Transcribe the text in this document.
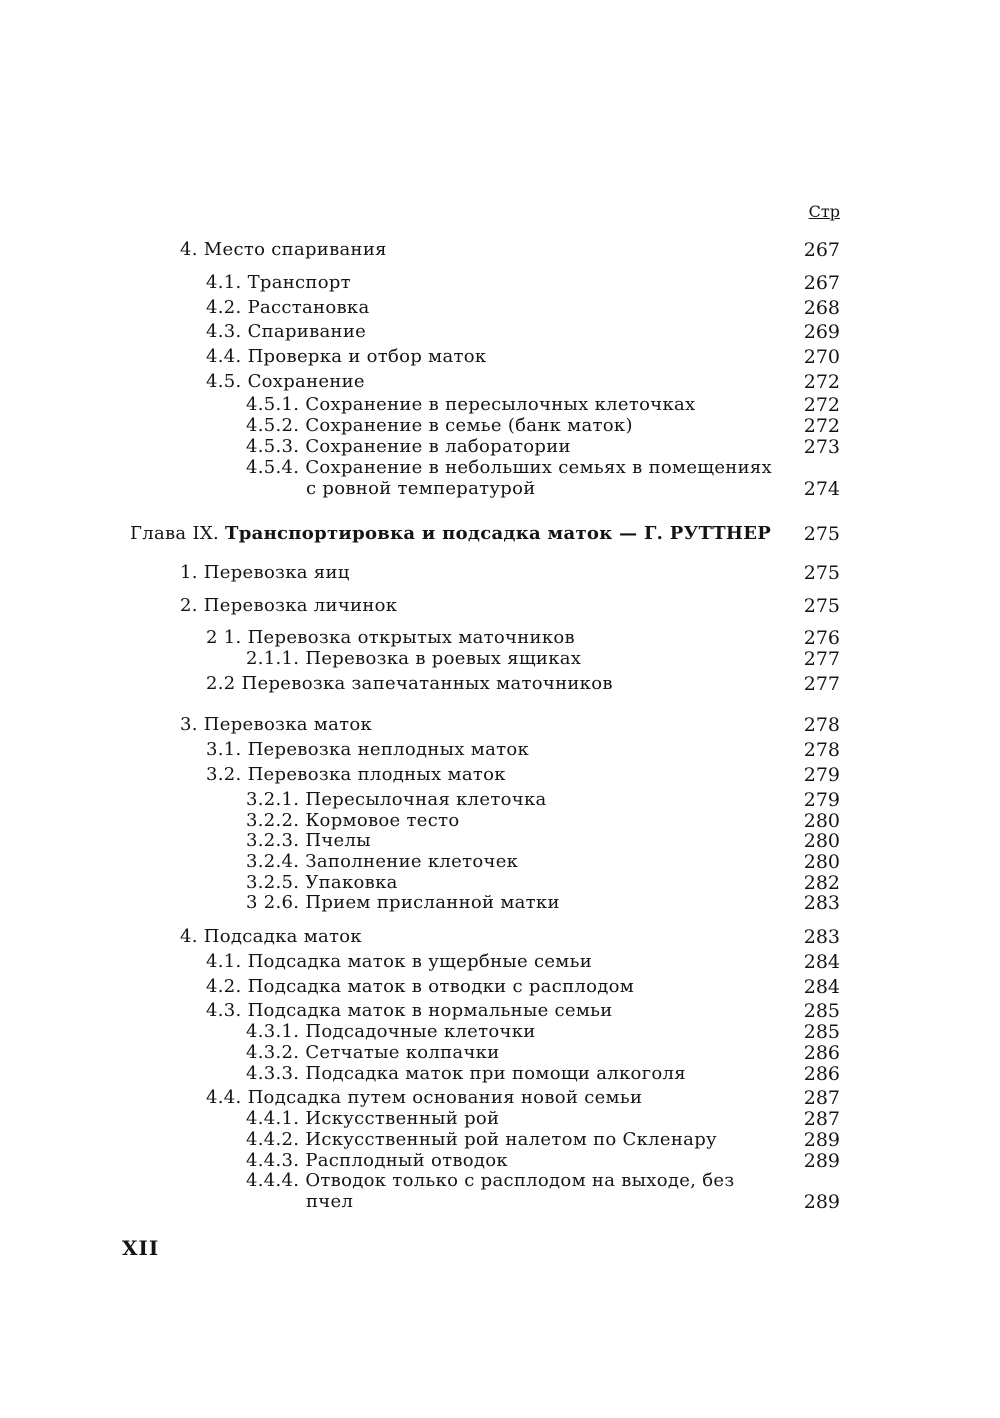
Стр
4. Место спаривания	267
4.1. Транспорт	267
4.2. Расстановка	268
4.3. Спаривание	269
4.4. Проверка и отбор маток	270
4.5. Сохранение	272
4.5.1. Сохранение в пересылочных клеточках	272
4.5.2. Сохранение в семье (банк маток)	272
4.5.3. Сохранение в лаборатории	273
4.5.4. Сохранение в небольших семьях в помещениях
с ровной температурой	274
Глава IX. Транспортировка и подсадка маток — Г. РУТТНЕР 275
1. Перевозка яиц	275
2. Перевозка личинок	275
2 1. Перевозка открытых маточников	276
2.1.1. Перевозка в роевых ящиках	277
2.2 Перевозка запечатанных маточников	277
3. Перевозка маток	278
3.1. Перевозка неплодных маток	278
3.2. Перевозка плодных маток	279
3.2.1. Пересылочная клеточка	279
3.2.2. Кормовое тесто	280
3.2.3. Пчелы	280
3.2.4. Заполнение клеточек	280
3.2.5. Упаковка	282
3 2.6. Прием присланной матки	283
4. Подсадка маток	283
4.1. Подсадка маток в ущербные семьи	284
4.2. Подсадка маток в отводки с расплодом	284
4.3. Подсадка маток в нормальные семьи	285
4.3.1. Подсадочные клеточки	285
4.3.2. Сетчатые колпачки	286
4.3.3. Подсадка маток при помощи алкоголя	286
4.4. Подсадка путем основания новой семьи	287
4.4.1. Искусственный рой	287
4.4.2. Искусственный рой налетом по Скленару	289
4.4.3. Расплодный отводок	289
4.4.4. Отводок только с расплодом на выходе, без
пчел	289
XII
